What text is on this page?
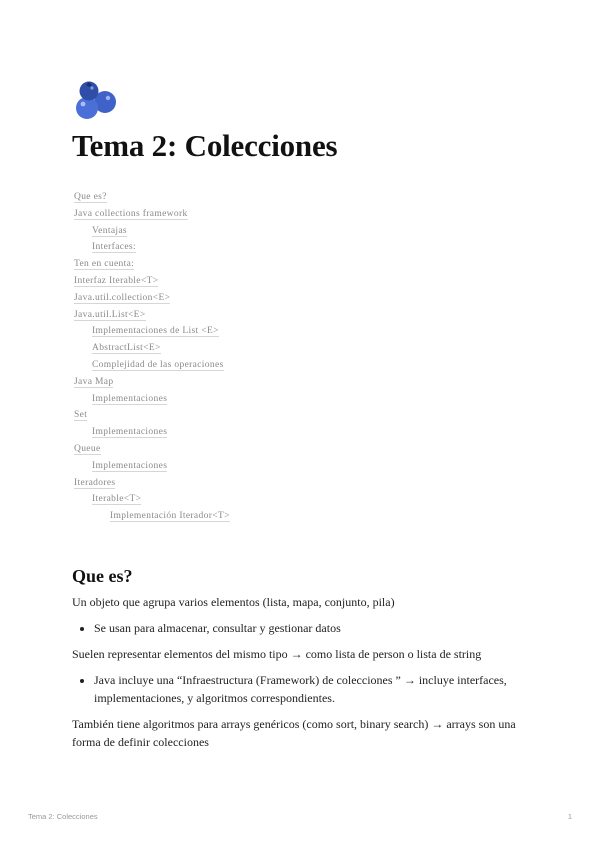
Tema 2: Colecciones
Que es?
Java collections framework
Ventajas
Interfaces:
Ten en cuenta:
Interfaz Iterable<T>
Java.util.collection<E>
Java.util.List<E>
Implementaciones de List <E>
AbstractList<E>
Complejidad de las operaciones
Java Map
Implementaciones
Set
Implementaciones
Queue
Implementaciones
Iteradores
Iterable<T>
Implementación Iterador<T>
Que es?

Un objeto que agrupa varios elementos (lista, mapa, conjunto, pila)

• Se usan para almacenar, consultar y gestionar datos

Suelen representar elementos del mismo tipo → como lista de person o lista de string

• Java incluye una “Infraestructura (Framework) de colecciones ” → incluye interfaces, implementaciones, y algoritmos correspondientes.

También tiene algoritmos para arrays genéricos (como sort, binary search) → arrays son una forma de definir colecciones

Tema 2: Colecciones	1
